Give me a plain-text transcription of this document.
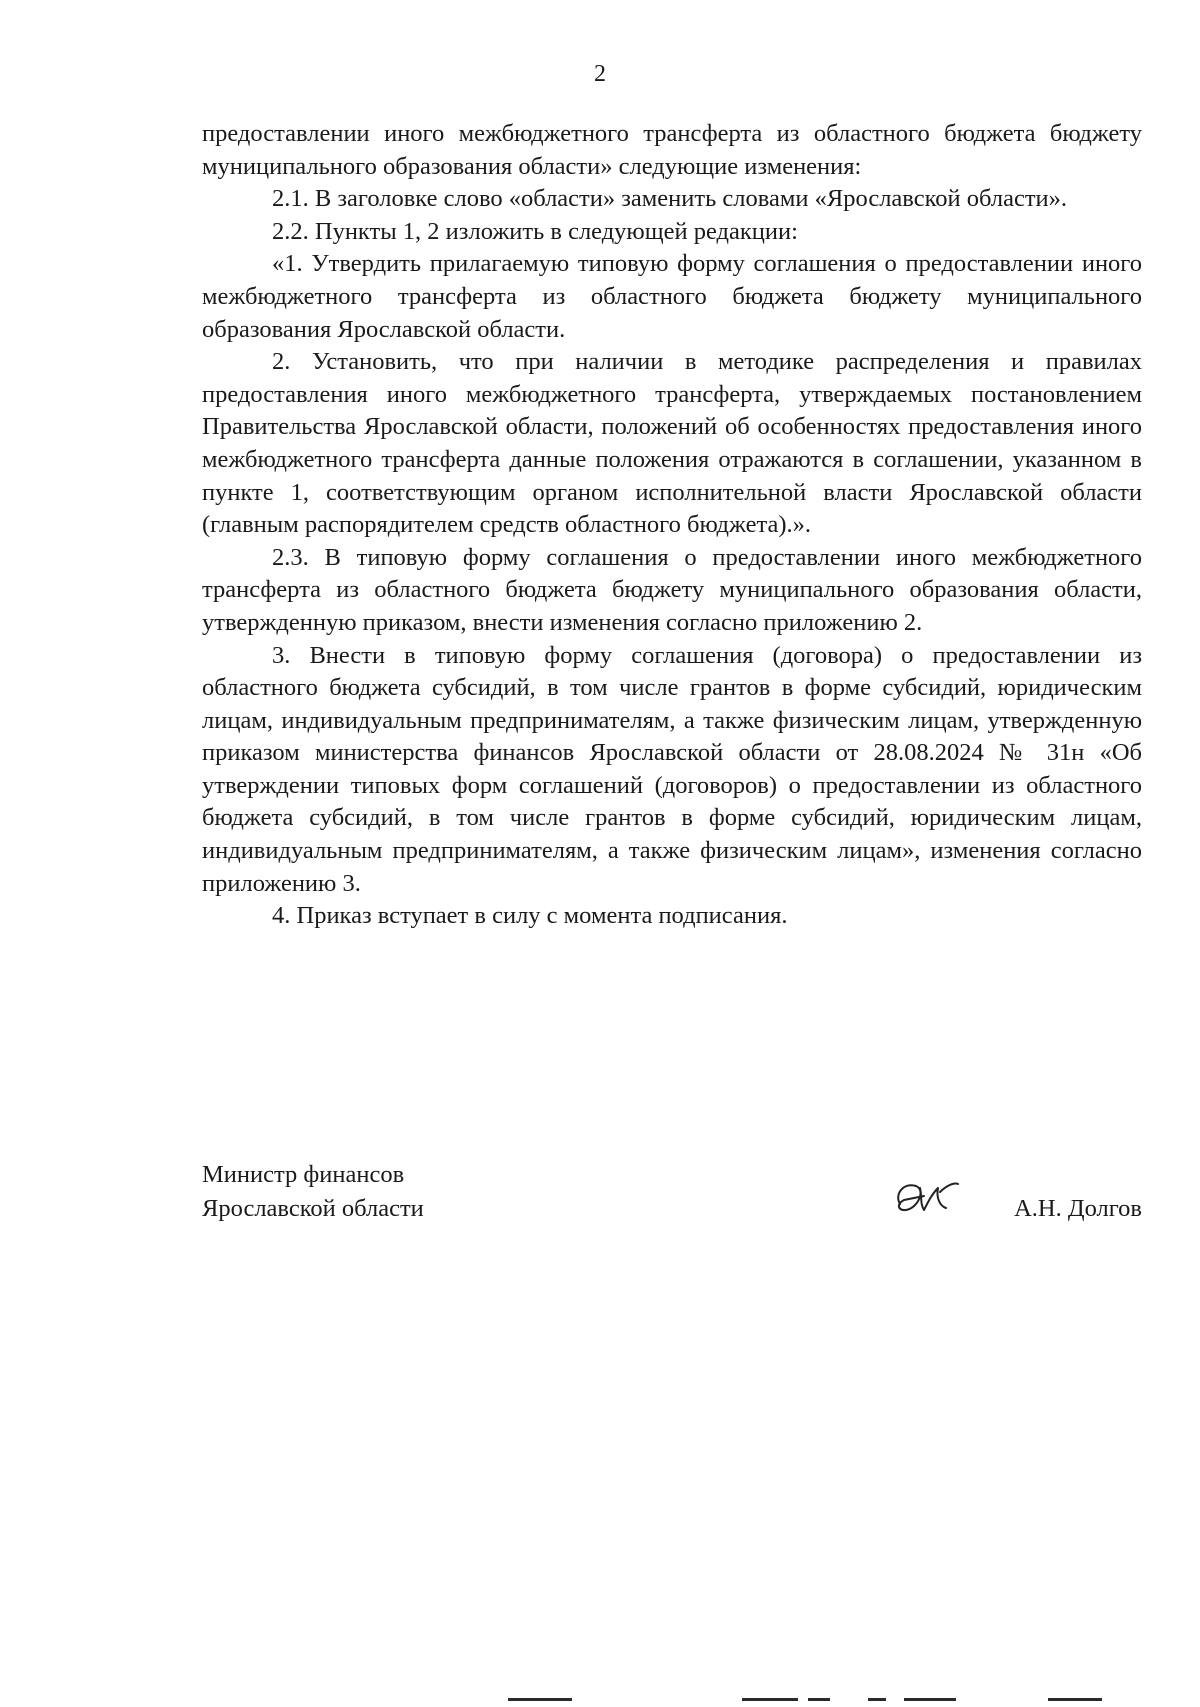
2

предоставлении иного межбюджетного трансферта из областного бюджета бюджету муниципального образования области» следующие изменения:

2.1. В заголовке слово «области» заменить словами «Ярославской области».

2.2. Пункты 1, 2 изложить в следующей редакции:

«1. Утвердить прилагаемую типовую форму соглашения о предоставлении иного межбюджетного трансферта из областного бюджета бюджету муниципального образования Ярославской области.

2. Установить, что при наличии в методике распределения и правилах предоставления иного межбюджетного трансферта, утверждаемых постановлением Правительства Ярославской области, положений об особенностях предоставления иного межбюджетного трансферта данные положения отражаются в соглашении, указанном в пункте 1, соответствующим органом исполнительной власти Ярославской области (главным распорядителем средств областного бюджета).».

2.3. В типовую форму соглашения о предоставлении иного межбюджетного трансферта из областного бюджета бюджету муниципального образования области, утвержденную приказом, внести изменения согласно приложению 2.

3. Внести в типовую форму соглашения (договора) о предоставлении из областного бюджета субсидий, в том числе грантов в форме субсидий, юридическим лицам, индивидуальным предпринимателям, а также физическим лицам, утвержденную приказом министерства финансов Ярославской области от 28.08.2024 № 31н «Об утверждении типовых форм соглашений (договоров) о предоставлении из областного бюджета субсидий, в том числе грантов в форме субсидий, юридическим лицам, индивидуальным предпринимателям, а также физическим лицам», изменения согласно приложению 3.

4. Приказ вступает в силу с момента подписания.

Министр финансов
Ярославской области	А.Н. Долгов
